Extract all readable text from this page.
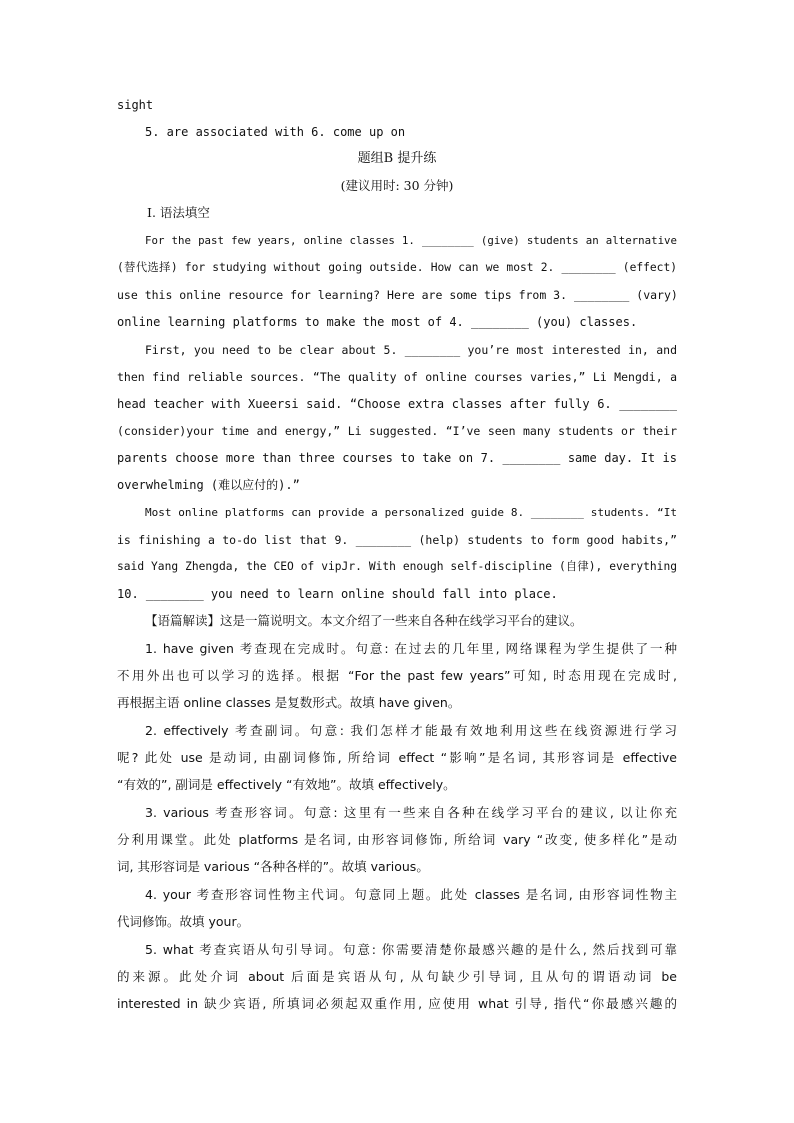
sight
5. are associated with 6. come up on
题组B 提升练
(建议用时: 30 分钟)
Ⅰ. 语法填空
For the past few years, online classes 1. ________ (give) students an alternative
(替代选择) for studying without going outside. How can we most 2. ________ (effect)
use this online resource for learning? Here are some tips from 3. ________ (vary)
online learning platforms to make the most of 4. ________ (you) classes.
First, you need to be clear about 5. ________ you’re most interested in, and
then find reliable sources. “The quality of online courses varies,” Li Mengdi, a
head teacher with Xueersi said. “Choose extra classes after fully 6. ________
(consider)your time and energy,” Li suggested. “I’ve seen many students or their
parents choose more than three courses to take on 7. ________ same day. It is
overwhelming (难以应付的).”
Most online platforms can provide a personalized guide 8. ________ students. “It
is finishing a to-do list that 9. ________ (help) students to form good habits,”
said Yang Zhengda, the CEO of vipJr. With enough self-discipline (自律), everything
10. ________ you need to learn online should fall into place.
【语篇解读】这是一篇说明文。本文介绍了一些来自各种在线学习平台的建议。
1. have given 考查现在完成时。句意: 在过去的几年里, 网络课程为学生提供了一种
不用外出也可以学习的选择。根据 “For the past few years”可知, 时态用现在完成时,
再根据主语 online classes 是复数形式。故填 have given。
2. effectively 考查副词。句意: 我们怎样才能最有效地利用这些在线资源进行学习
呢? 此处 use 是动词, 由副词修饰, 所给词 effect “影响”是名词, 其形容词是 effective
“有效的”, 副词是 effectively “有效地”。故填 effectively。
3. various 考查形容词。句意: 这里有一些来自各种在线学习平台的建议, 以让你充
分利用课堂。此处 platforms 是名词, 由形容词修饰, 所给词 vary “改变, 使多样化”是动
词, 其形容词是 various “各种各样的”。故填 various。
4. your 考查形容词性物主代词。句意同上题。此处 classes 是名词, 由形容词性物主
代词修饰。故填 your。
5. what 考查宾语从句引导词。句意: 你需要清楚你最感兴趣的是什么, 然后找到可靠
的来源。此处介词 about 后面是宾语从句, 从句缺少引导词, 且从句的谓语动词 be
interested in 缺少宾语, 所填词必须起双重作用, 应使用 what 引导, 指代“你最感兴趣的
